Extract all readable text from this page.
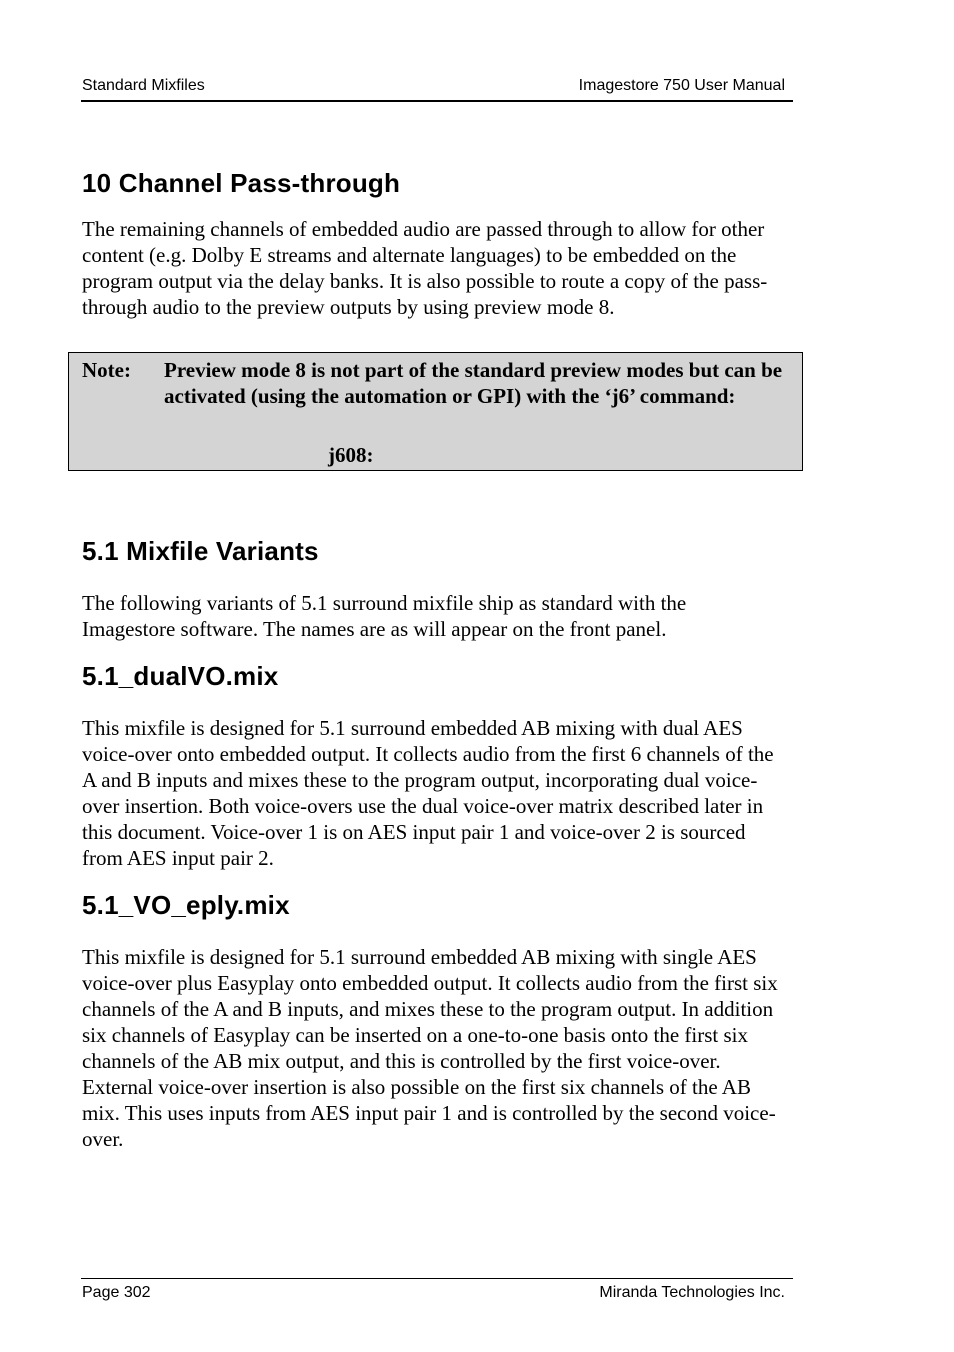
Standard Mixfiles	Imagestore 750 User Manual
10 Channel Pass-through

The remaining channels of embedded audio are passed through to allow for other content (e.g. Dolby E streams and alternate languages) to be embedded on the program output via the delay banks. It is also possible to route a copy of the pass-through audio to the preview outputs by using preview mode 8.

Note: Preview mode 8 is not part of the standard preview modes but can be activated (using the automation or GPI) with the ‘j6’ command:
j608:
5.1 Mixfile Variants

The following variants of 5.1 surround mixfile ship as standard with the Imagestore software. The names are as will appear on the front panel.

5.1_dualVO.mix

This mixfile is designed for 5.1 surround embedded AB mixing with dual AES voice-over onto embedded output. It collects audio from the first 6 channels of the A and B inputs and mixes these to the program output, incorporating dual voice-over insertion. Both voice-overs use the dual voice-over matrix described later in this document. Voice-over 1 is on AES input pair 1 and voice-over 2 is sourced from AES input pair 2.

5.1_VO_eply.mix

This mixfile is designed for 5.1 surround embedded AB mixing with single AES voice-over plus Easyplay onto embedded output. It collects audio from the first six channels of the A and B inputs, and mixes these to the program output. In addition six channels of Easyplay can be inserted on a one-to-one basis onto the first six channels of the AB mix output, and this is controlled by the first voice-over. External voice-over insertion is also possible on the first six channels of the AB mix. This uses inputs from AES input pair 1 and is controlled by the second voice-over.

Page 302	Miranda Technologies Inc.
